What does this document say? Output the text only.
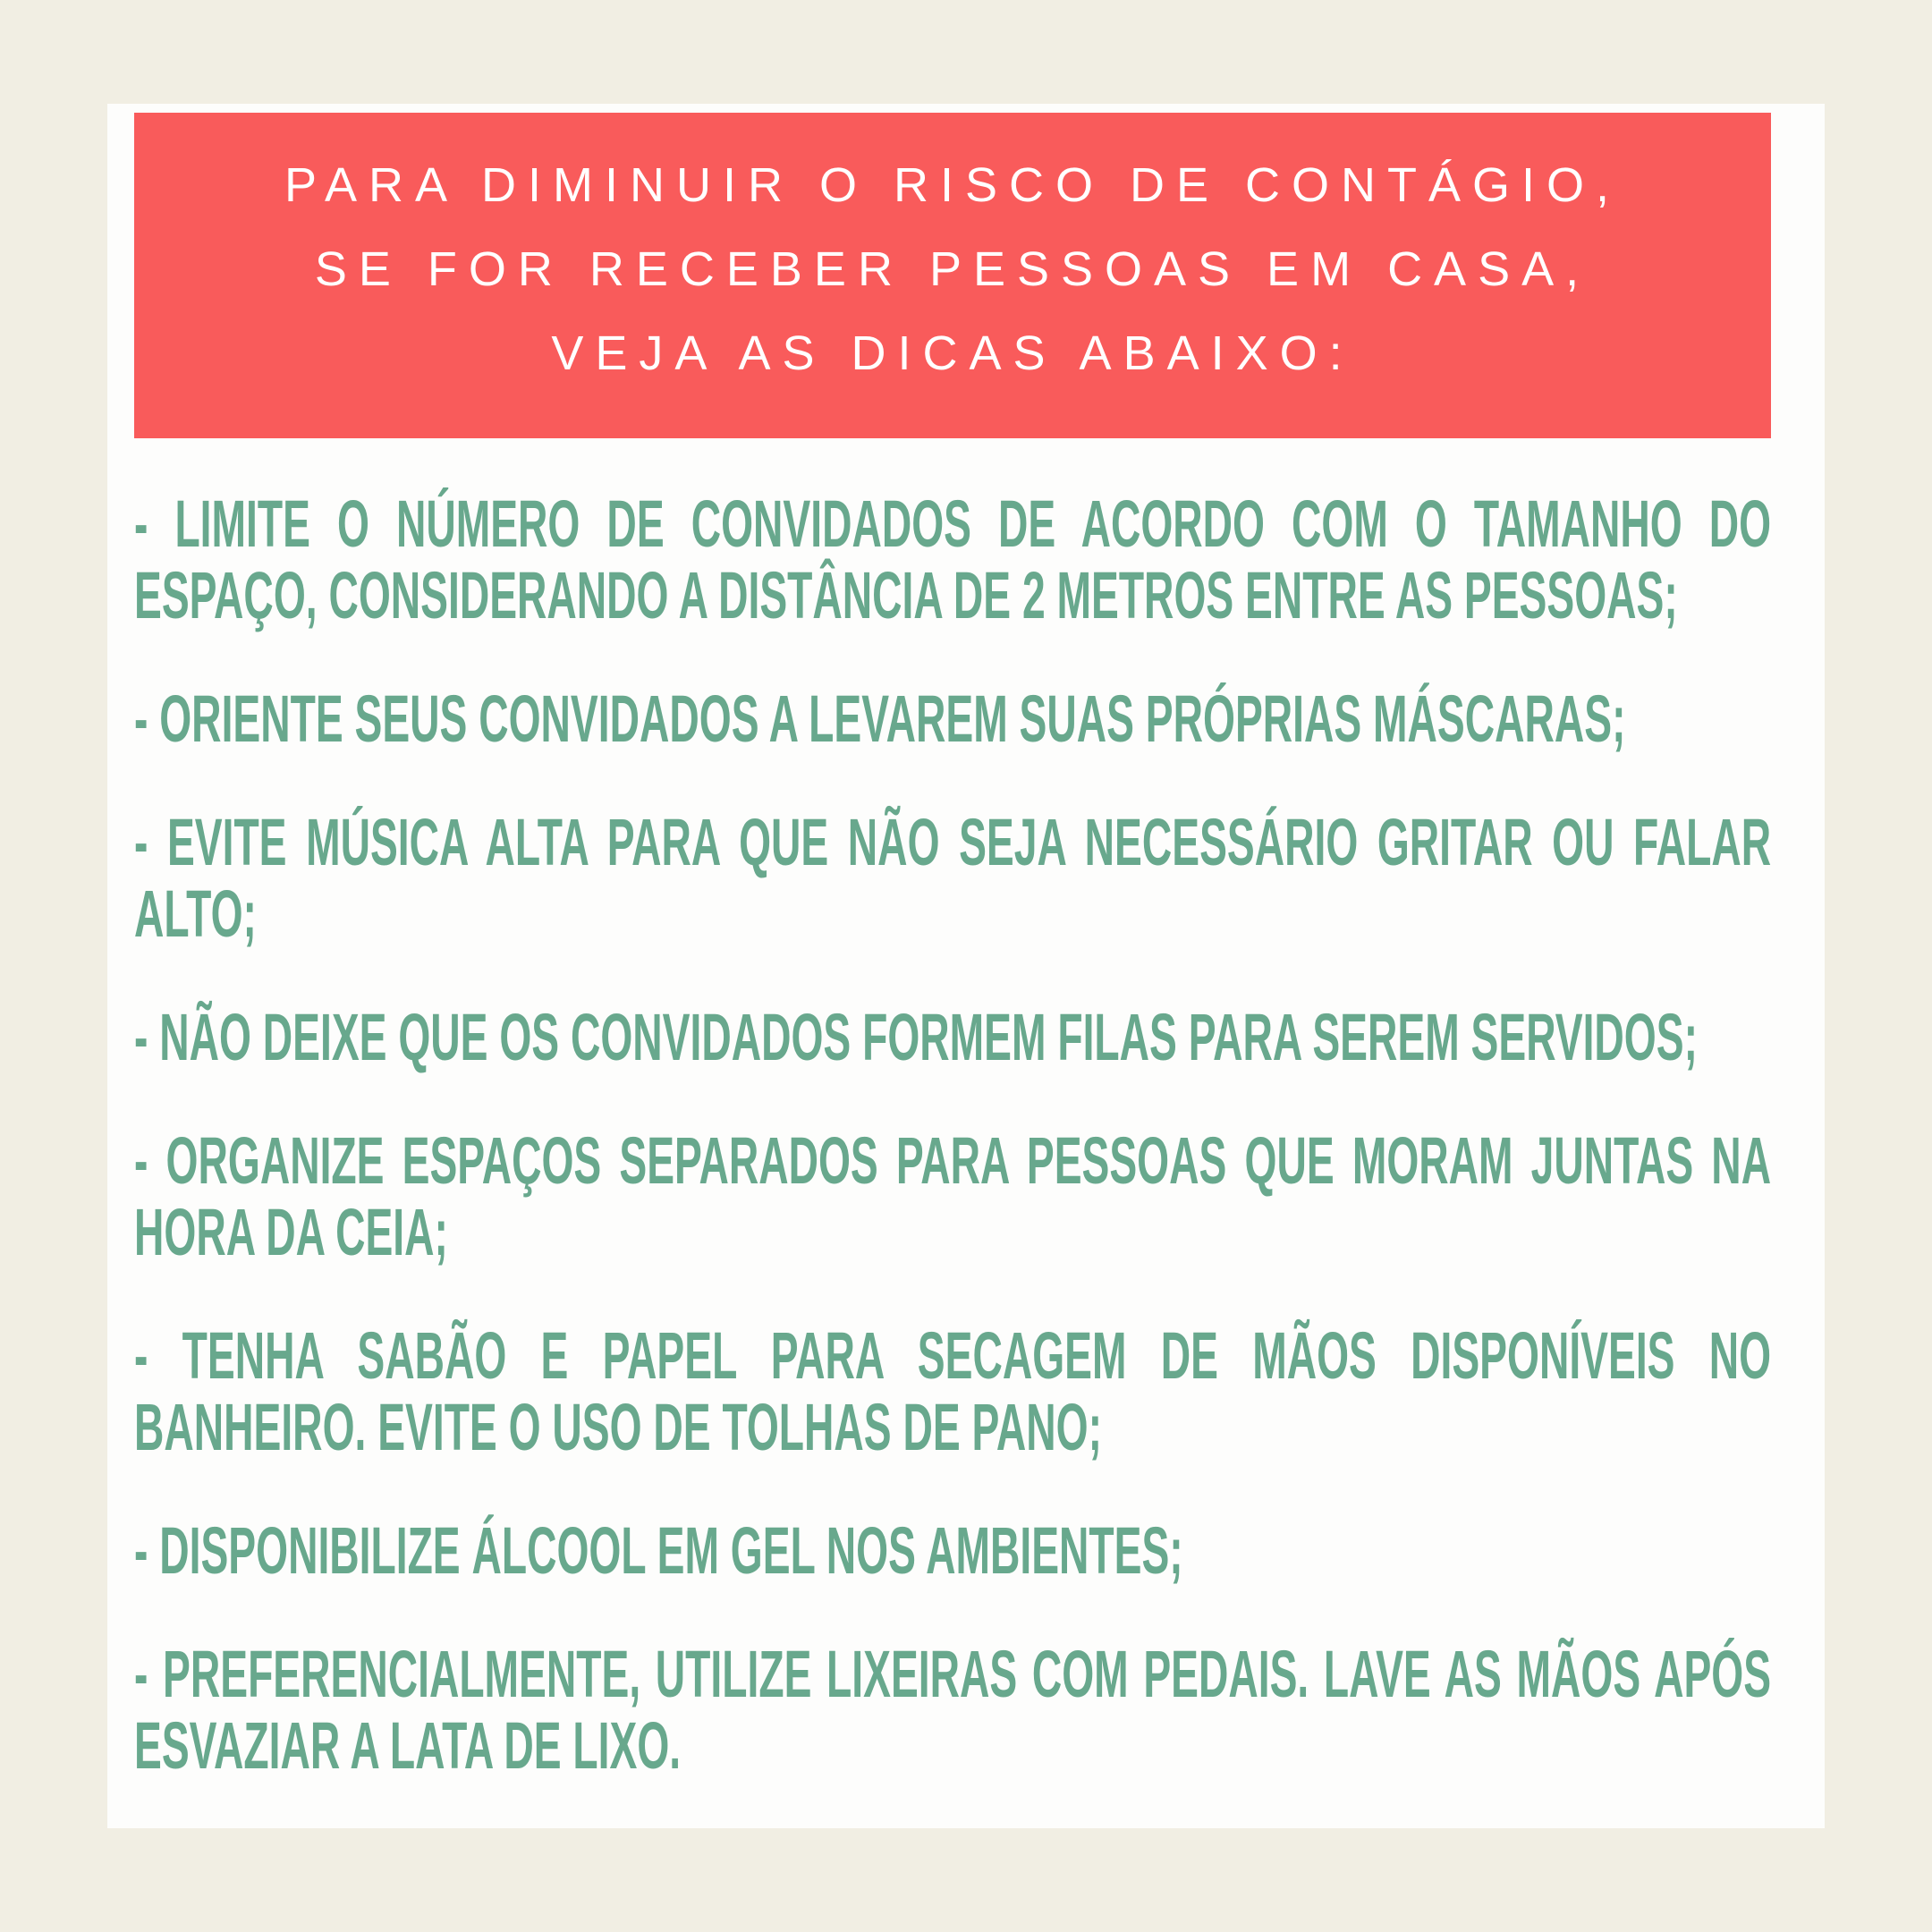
PARA DIMINUIR O RISCO DE CONTÁGIO,
SE FOR RECEBER PESSOAS EM CASA,
VEJA AS DICAS ABAIXO:
- LIMITE O NÚMERO DE CONVIDADOS DE ACORDO COM O TAMANHO DO ESPAÇO, CONSIDERANDO A DISTÂNCIA DE 2 METROS ENTRE AS PESSOAS;
- ORIENTE SEUS CONVIDADOS A LEVAREM SUAS PRÓPRIAS MÁSCARAS;
- EVITE MÚSICA ALTA PARA QUE NÃO SEJA NECESSÁRIO GRITAR OU FALAR ALTO;
- NÃO DEIXE QUE OS CONVIDADOS FORMEM FILAS PARA SEREM SERVIDOS;
- ORGANIZE ESPAÇOS SEPARADOS PARA PESSOAS QUE MORAM JUNTAS NA HORA DA CEIA;
- TENHA SABÃO E PAPEL PARA SECAGEM DE MÃOS DISPONÍVEIS NO BANHEIRO. EVITE O USO DE TOLHAS DE PANO;
- DISPONIBILIZE ÁLCOOL EM GEL NOS AMBIENTES;
- PREFERENCIALMENTE, UTILIZE LIXEIRAS COM PEDAIS. LAVE AS MÃOS APÓS ESVAZIAR A LATA DE LIXO.
